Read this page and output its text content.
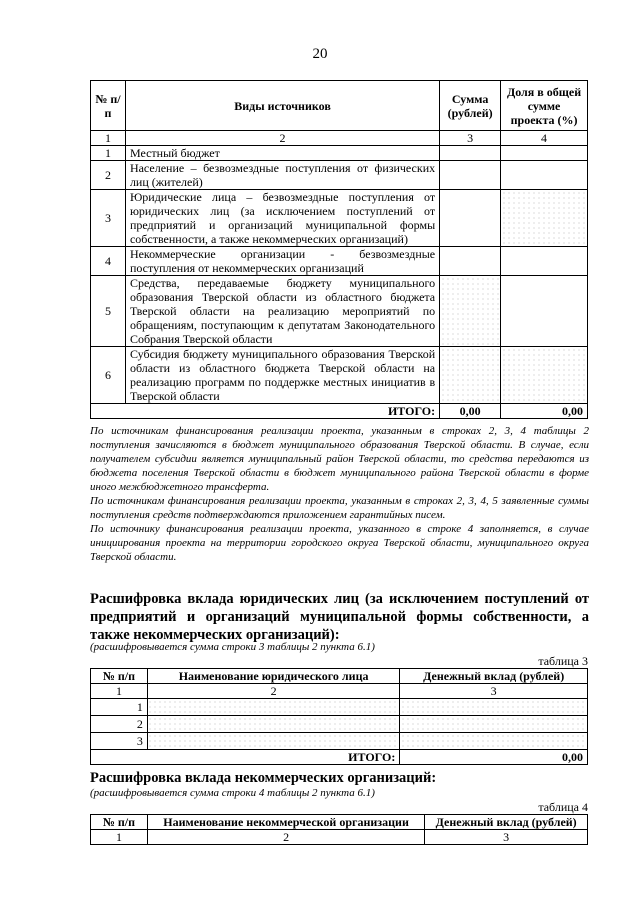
20
№ п/п	Виды источников	Сумма (рублей)	Доля в общей сумме проекта (%)
1	2	3	4
1	Местный бюджет		
2	Население – безвозмездные поступления от физических лиц (жителей)		
3	Юридические лица – безвозмездные поступления от юридических лиц (за исключением поступлений от предприятий и организаций муниципальной формы собственности, а также некоммерческих организаций)		
4	Некоммерческие организации - безвозмездные поступления от некоммерческих организаций		
5	Средства, передаваемые бюджету муниципального образования Тверской области из областного бюджета Тверской области на реализацию мероприятий по обращениям, поступающим к депутатам Законодательного Собрания Тверской области		
6	Субсидия бюджету муниципального образования Тверской области из областного бюджета Тверской области на реализацию программ по поддержке местных инициатив в Тверской области		
ИТОГО:		0,00	0,00

По источникам финансирования реализации проекта, указанным в строках 2, 3, 4 таблицы 2 поступления зачисляются в бюджет муниципального образования Тверской области. В случае, если получателем субсидии является муниципальный район Тверской области, то средства передаются из бюджета поселения Тверской области в бюджет муниципального района Тверской области в форме иного межбюджетного трансферта.

По источникам финансирования реализации проекта, указанным в строках 2, 3, 4, 5 заявленные суммы поступления средств подтверждаются приложением гарантийных писем.

По источнику финансирования реализации проекта, указанного в строке 4 заполняется, в случае инициирования проекта на территории городского округа Тверской области, муниципального округа Тверской области.

Расшифровка вклада юридических лиц (за исключением поступлений от предприятий и организаций муниципальной формы собственности, а также некоммерческих организаций):
(расшифровывается сумма строки 3 таблицы 2 пункта 6.1)
таблица 3
№ п/п	Наименование юридического лица	Денежный вклад (рублей)
1	2	3
1		
2		
3		
ИТОГО:		0,00
Расшифровка вклада некоммерческих организаций:
(расшифровывается сумма строки 4 таблицы 2 пункта 6.1)
таблица 4
№ п/п	Наименование некоммерческой организации	Денежный вклад (рублей)
1	2	3
